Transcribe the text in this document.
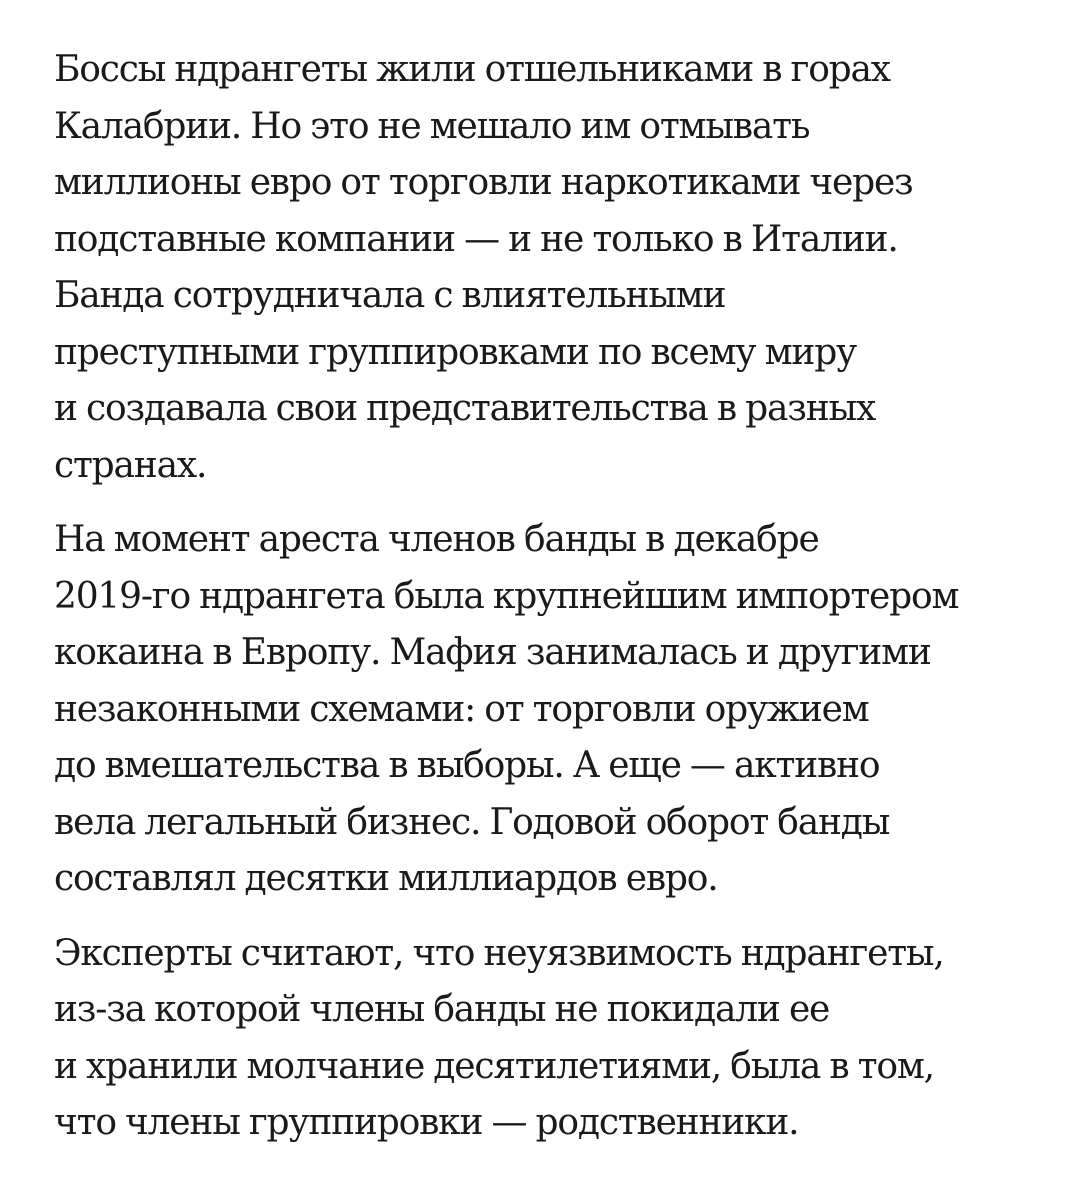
Боссы ндрангеты жили отшельниками в горах
Калабрии. Но это не мешало им отмывать
миллионы евро от торговли наркотиками через
подставные компании — и не только в Италии.
Банда сотрудничала с влиятельными
преступными группировками по всему миру
и создавала свои представительства в разных
странах.

На момент ареста членов банды в декабре
2019-го ндрангета была крупнейшим импортером
кокаина в Европу. Мафия занималась и другими
незаконными схемами: от торговли оружием
до вмешательства в выборы. А еще — активно
вела легальный бизнес. Годовой оборот банды
составлял десятки миллиардов евро.

Эксперты считают, что неуязвимость ндрангеты,
из-за которой члены банды не покидали ее
и хранили молчание десятилетиями, была в том,
что члены группировки — родственники.
